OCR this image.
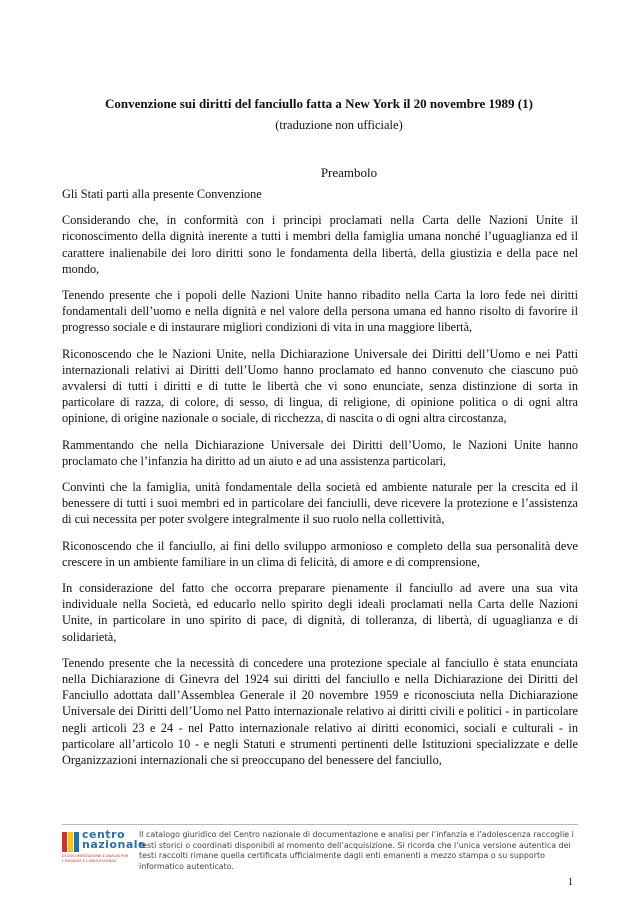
Convenzione sui diritti del fanciullo fatta a New York il 20 novembre 1989 (1)
(traduzione non ufficiale)
Preambolo

Gli Stati parti alla presente Convenzione

Considerando che, in conformità con i principi proclamati nella Carta delle Nazioni Unite il riconoscimento della dignità inerente a tutti i membri della famiglia umana nonché l’uguaglianza ed il carattere inalienabile dei loro diritti sono le fondamenta della libertà, della giustizia e della pace nel mondo,

Tenendo presente che i popoli delle Nazioni Unite hanno ribadito nella Carta la loro fede nei diritti fondamentali dell’uomo e nella dignità e nel valore della persona umana ed hanno risolto di favorire il progresso sociale e di instaurare migliori condizioni di vita in una maggiore libertà,

Riconoscendo che le Nazioni Unite, nella Dichiarazione Universale dei Diritti dell’Uomo e nei Patti internazionali relativi ai Diritti dell’Uomo hanno proclamato ed hanno convenuto che ciascuno può avvalersi di tutti i diritti e di tutte le libertà che vi sono enunciate, senza distinzione di sorta in particolare di razza, di colore, di sesso, di lingua, di religione, di opinione politica o di ogni altra opinione, di origine nazionale o sociale, di ricchezza, di nascita o di ogni altra circostanza,

Rammentando che nella Dichiarazione Universale dei Diritti dell’Uomo, le Nazioni Unite hanno proclamato che l’infanzia ha diritto ad un aiuto e ad una assistenza particolari,

Convinti che la famiglia, unità fondamentale della società ed ambiente naturale per la crescita ed il benessere di tutti i suoi membri ed in particolare dei fanciulli, deve ricevere la protezione e l’assistenza di cui necessita per poter svolgere integralmente il suo ruolo nella collettività,

Riconoscendo che il fanciullo, ai fini dello sviluppo armonioso e completo della sua personalità deve crescere in un ambiente familiare in un clima di felicità, di amore e di comprensione,

In considerazione del fatto che occorra preparare pienamente il fanciullo ad avere una sua vita individuale nella Società, ed educarlo nello spirito degli ideali proclamati nella Carta delle Nazioni Unite, in particolare in uno spirito di pace, di dignità, di tolleranza, di libertà, di uguaglianza e di solidarietà,

Tenendo presente che la necessità di concedere una protezione speciale al fanciullo è stata enunciata nella Dichiarazione di Ginevra del 1924 sui diritti del fanciullo e nella Dichiarazione dei Diritti del Fanciullo adottata dall’Assemblea Generale il 20 novembre 1959 e riconosciuta nella Dichiarazione Universale dei Diritti dell’Uomo nel Patto internazionale relativo ai diritti civili e politici - in particolare negli articoli 23 e 24 - nel Patto internazionale relativo ai diritti economici, sociali e culturali - in particolare all’articolo 10 - e negli Statuti e strumenti pertinenti delle Istituzioni specializzate e delle Organizzazioni internazionali che si preoccupano del benessere del fanciullo,

centro
nazionale
DI DOCUMENTAZIONE E ANALISI PER L'INFANZIA E L'ADOLESCENZA
Il catalogo giuridico del Centro nazionale di documentazione e analisi per l’infanzia e l’adolescenza raccoglie i testi storici o coordinati disponibili al momento dell’acquisizione. Si ricorda che l’unica versione autentica dei testi raccolti rimane quella certificata ufficialmente dagli enti emanenti a mezzo stampa o su supporto informatico autenticato.
1
